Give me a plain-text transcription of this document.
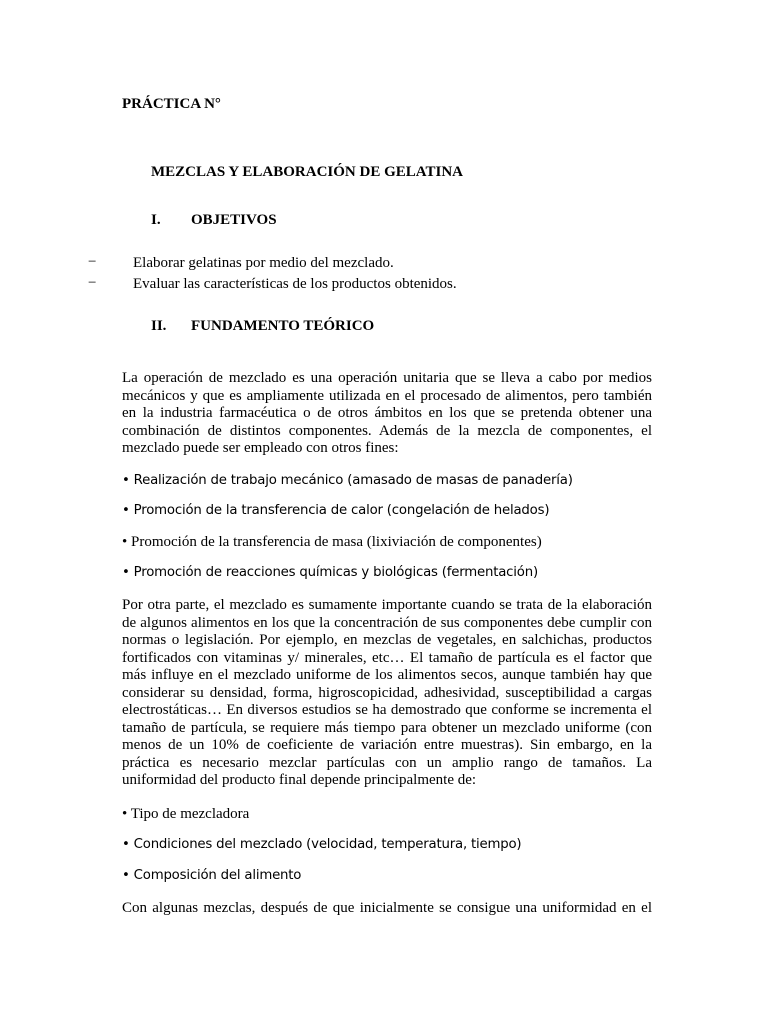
PRÁCTICA N°
MEZCLAS Y ELABORACIÓN DE GELATINA
I. OBJETIVOS
− Elaborar gelatinas por medio del mezclado.
− Evaluar las características de los productos obtenidos.
II. FUNDAMENTO TEÓRICO
La operación de mezclado es una operación unitaria que se lleva a cabo por medios mecánicos y que es ampliamente utilizada en el procesado de alimentos, pero también en la industria farmacéutica o de otros ámbitos en los que se pretenda obtener una combinación de distintos componentes. Además de la mezcla de componentes, el mezclado puede ser empleado con otros fines:
• Realización de trabajo mecánico (amasado de masas de panadería)
• Promoción de la transferencia de calor (congelación de helados)
• Promoción de la transferencia de masa (lixiviación de componentes)
• Promoción de reacciones químicas y biológicas (fermentación)
Por otra parte, el mezclado es sumamente importante cuando se trata de la elaboración de algunos alimentos en los que la concentración de sus componentes debe cumplir con normas o legislación. Por ejemplo, en mezclas de vegetales, en salchichas, productos fortificados con vitaminas y/ minerales, etc… El tamaño de partícula es el factor que más influye en el mezclado uniforme de los alimentos secos, aunque también hay que considerar su densidad, forma, higroscopicidad, adhesividad, susceptibilidad a cargas electrostáticas… En diversos estudios se ha demostrado que conforme se incrementa el tamaño de partícula, se requiere más tiempo para obtener un mezclado uniforme (con menos de un 10% de coeficiente de variación entre muestras). Sin embargo, en la práctica es necesario mezclar partículas con un amplio rango de tamaños. La uniformidad del producto final depende principalmente de:
• Tipo de mezcladora
• Condiciones del mezclado (velocidad, temperatura, tiempo)
• Composición del alimento
Con algunas mezclas, después de que inicialmente se consigue una uniformidad en el
